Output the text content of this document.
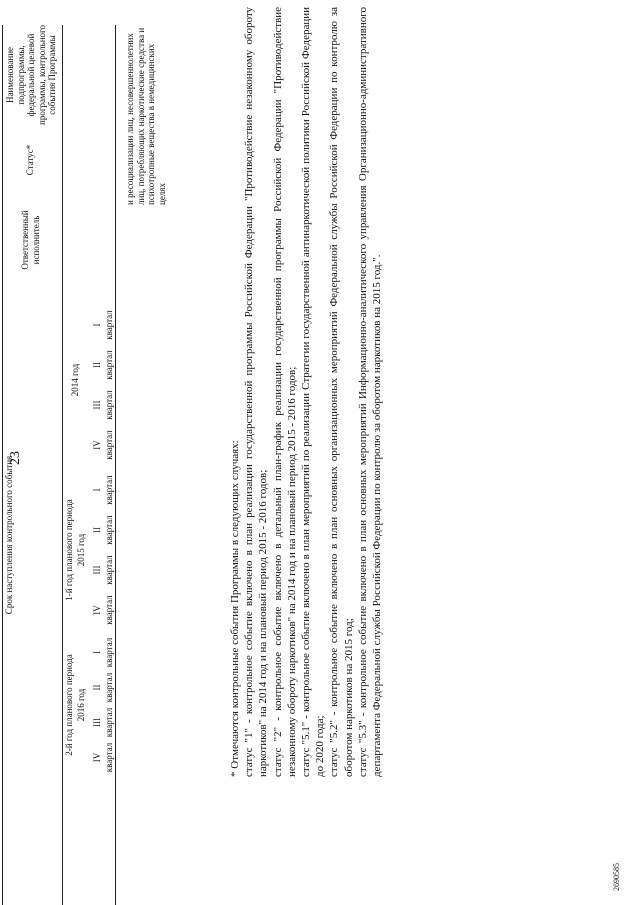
23
Наименование подпрограммы, федеральной целевой программы, контрольного события Программы
Статус*
Ответственный исполнитель
Срок наступления контрольного события
2014 год
1-й год планового периода 2015 год
2-й год планового периода 2016 год
I
II
III
IV
I
II
III
IV
I
II
III
IV
квартал
квартал
квартал
квартал
квартал
квартал
квартал
квартал
квартал
квартал
квартал
квартал	* Отмечаются контрольные события Программы в следующих случаях: статус "1" - контрольное событие включено в план реализации государственной программы Российской Федерации "Противодействие незаконному обороту наркотиков" на 2014 год и на плановый период 2015 - 2016 годов; статус "2" - контрольное событие включено в детальный план-график реализации государственной программы Российской Федерации "Противодействие незаконному обороту наркотиков" на 2014 год и на плановый период 2015 - 2016 годов; статус "5.1" - контрольное событие включено в план мероприятий по реализации Стратегии государственной антинаркотической политики Российской Федерации до 2020 года; статус "5.2" - контрольное событие включено в план основных организационных мероприятий Федеральной службы Российской Федерации по контролю за оборотом наркотиков на 2015 год; статус "5.3" - контрольное событие включено в план основных мероприятий Информационно-аналитического управления Организационно-административного департамента Федеральной службы Российской Федерации по контролю за оборотом наркотиков на 2015 год.".

и ресоциализации лиц, несовершеннолетних лиц, потребляющих наркотические средства и психотропные вещества в немедицинских целях
2690585
